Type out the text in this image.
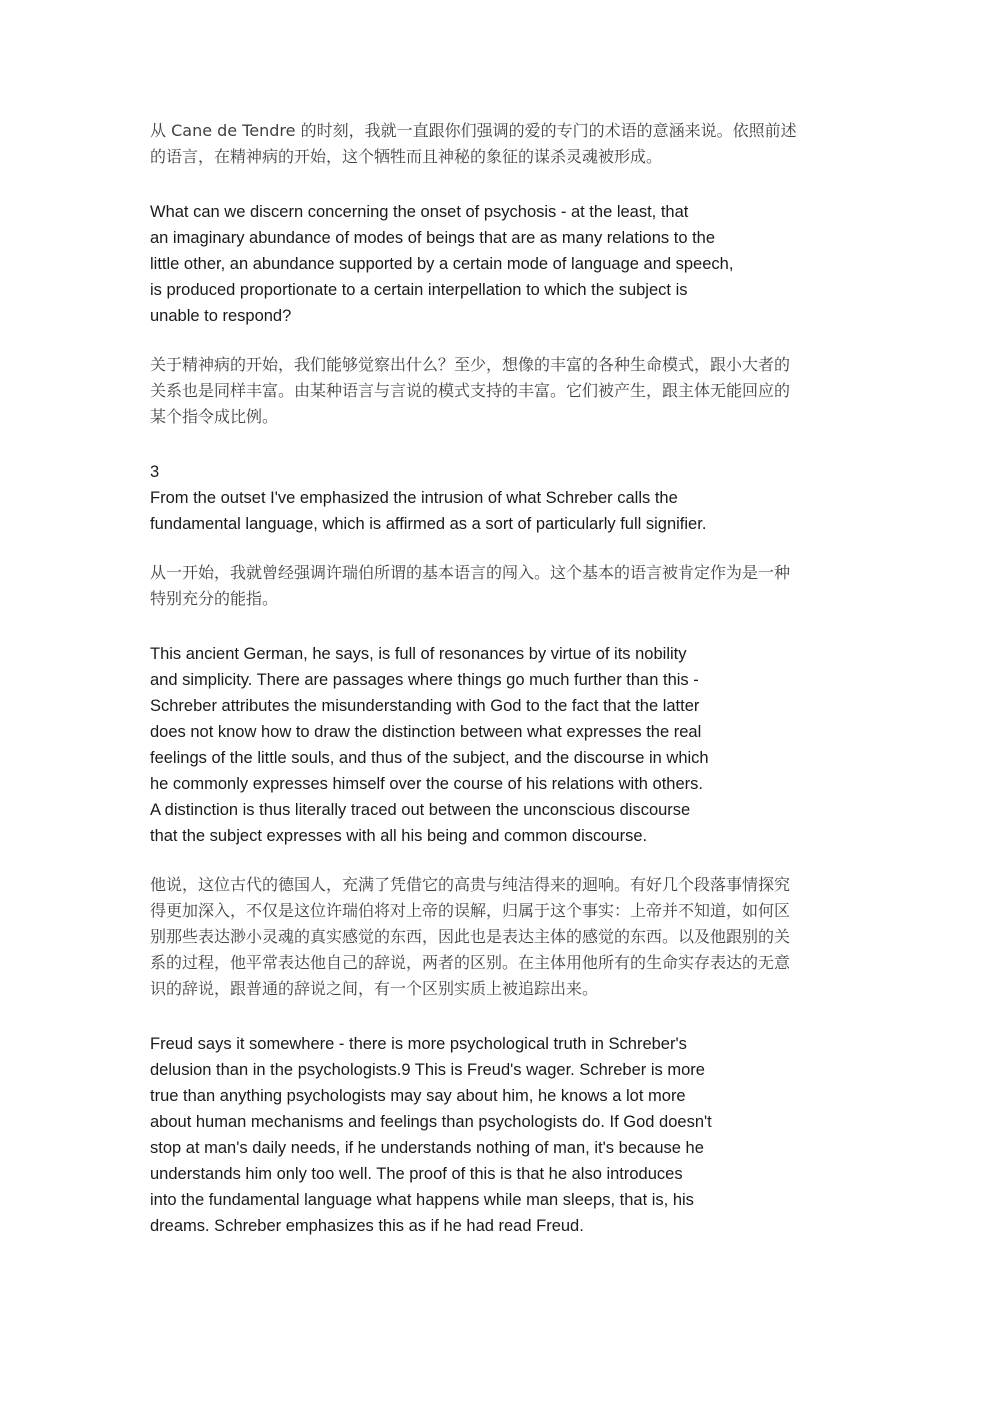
从 Cane de Tendre 的时刻，我就一直跟你们强调的爱的专门的术语的意涵来说。依照前述
的语言，在精神病的开始，这个牺牲而且神秘的象征的谋杀灵魂被形成。
What can we discern concerning the onset of psychosis - at the least, that
an imaginary abundance of modes of beings that are as many relations to the
little other, an abundance supported by a certain mode of language and speech,
is produced proportionate to a certain interpellation to which the subject is
unable to respond?
关于精神病的开始，我们能够觉察出什么？至少，想像的丰富的各种生命模式，跟小大者的
关系也是同样丰富。由某种语言与言说的模式支持的丰富。它们被产生，跟主体无能回应的
某个指令成比例。
3
From the outset I've emphasized the intrusion of what Schreber calls the
fundamental language, which is affirmed as a sort of particularly full signifier.
从一开始，我就曾经强调许瑞伯所谓的基本语言的闯入。这个基本的语言被肯定作为是一种
特别充分的能指。
This ancient German, he says, is full of resonances by virtue of its nobility
and simplicity. There are passages where things go much further than this -
Schreber attributes the misunderstanding with God to the fact that the latter
does not know how to draw the distinction between what expresses the real
feelings of the little souls, and thus of the subject, and the discourse in which
he commonly expresses himself over the course of his relations with others.
A distinction is thus literally traced out between the unconscious discourse
that the subject expresses with all his being and common discourse.
他说，这位古代的德国人，充满了凭借它的高贵与纯洁得来的迴响。有好几个段落事情探究
得更加深入，不仅是这位许瑞伯将对上帝的误解，归属于这个事实：上帝并不知道，如何区
别那些表达渺小灵魂的真实感觉的东西，因此也是表达主体的感觉的东西。以及他跟别的关
系的过程，他平常表达他自己的辞说，两者的区别。在主体用他所有的生命实存表达的无意
识的辞说，跟普通的辞说之间，有一个区别实质上被追踪出来。
Freud says it somewhere - there is more psychological truth in Schreber's
delusion than in the psychologists.9 This is Freud's wager. Schreber is more
true than anything psychologists may say about him, he knows a lot more
about human mechanisms and feelings than psychologists do. If God doesn't
stop at man's daily needs, if he understands nothing of man, it's because he
understands him only too well. The proof of this is that he also introduces
into the fundamental language what happens while man sleeps, that is, his
dreams. Schreber emphasizes this as if he had read Freud.
